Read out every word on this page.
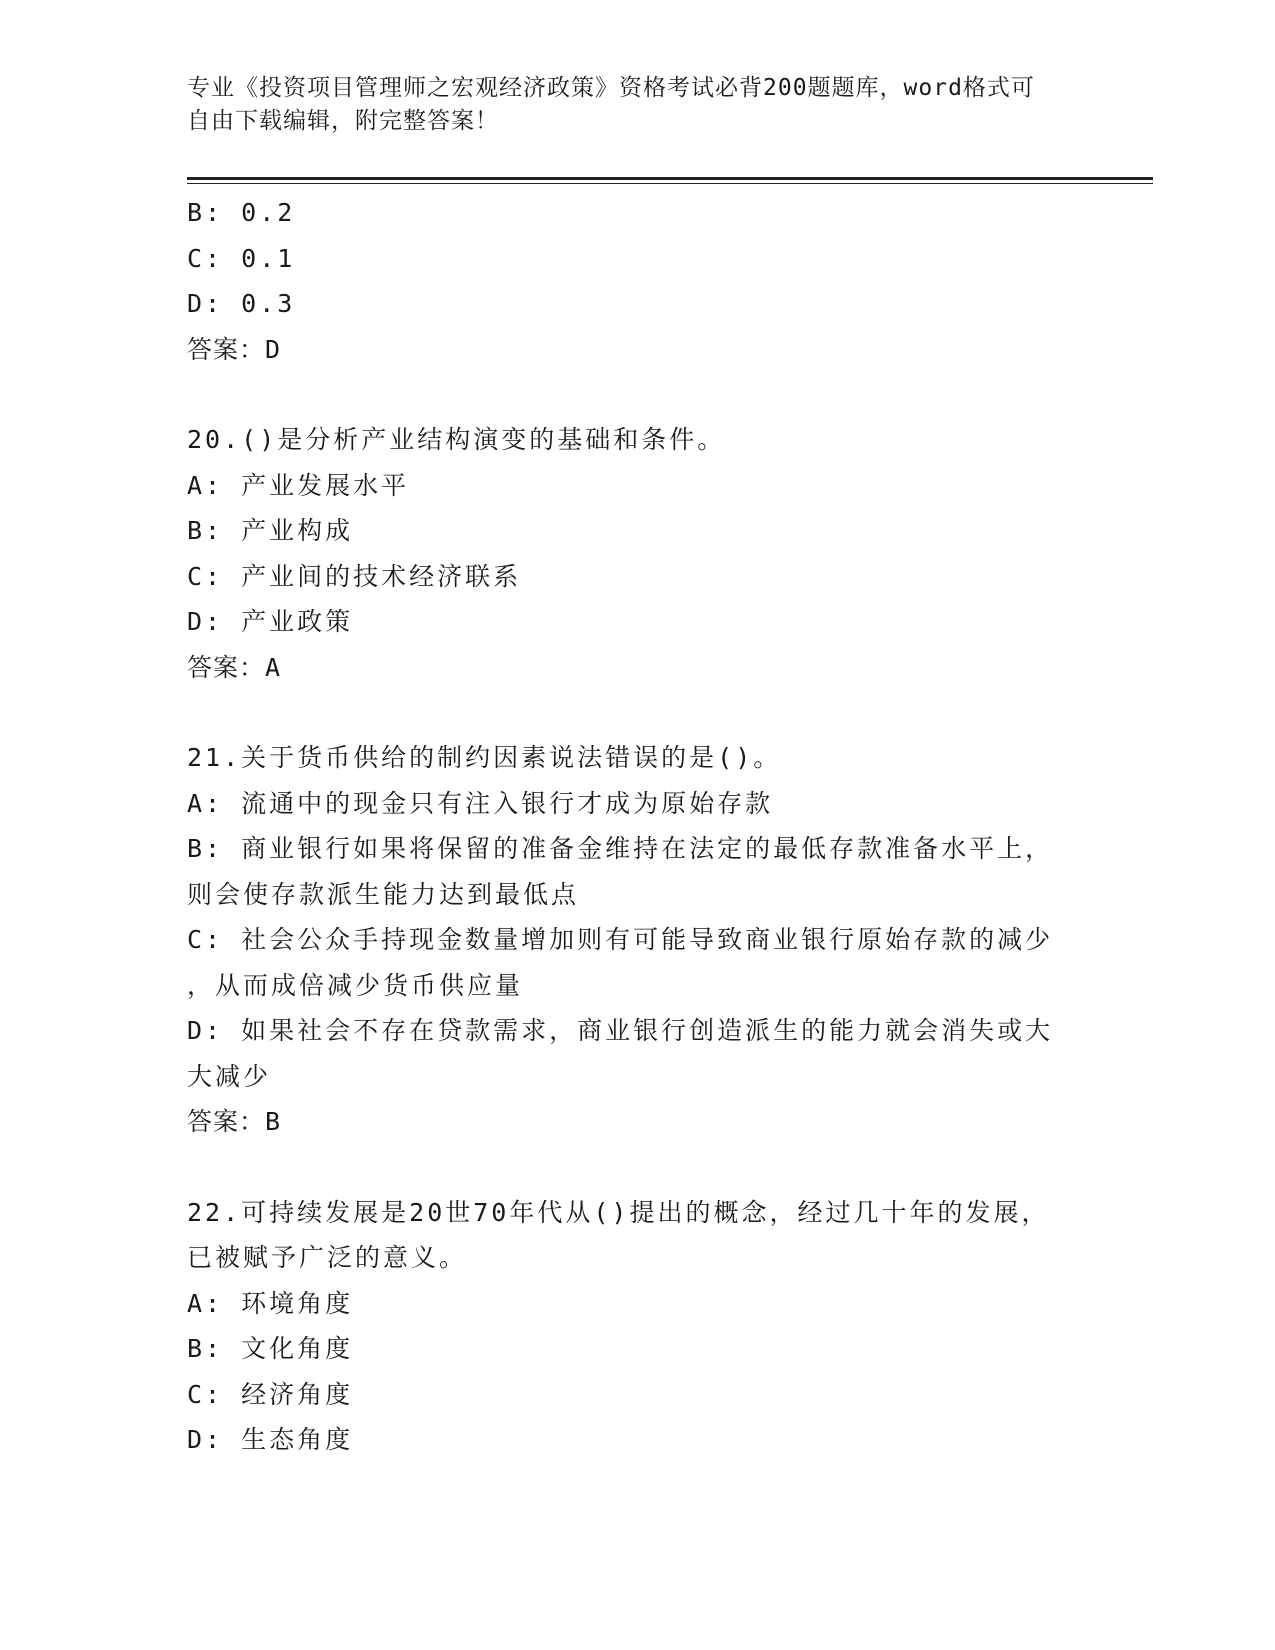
专业《投资项目管理师之宏观经济政策》资格考试必背200题题库，word格式可
自由下载编辑，附完整答案！
B: 0.2
C: 0.1
D: 0.3
答案：D
20.()是分析产业结构演变的基础和条件。
A: 产业发展水平
B: 产业构成
C: 产业间的技术经济联系
D: 产业政策
答案：A
21.关于货币供给的制约因素说法错误的是()。
A: 流通中的现金只有注入银行才成为原始存款
B: 商业银行如果将保留的准备金维持在法定的最低存款准备水平上，
则会使存款派生能力达到最低点
C: 社会公众手持现金数量增加则有可能导致商业银行原始存款的减少
，从而成倍减少货币供应量
D: 如果社会不存在贷款需求，商业银行创造派生的能力就会消失或大
大减少
答案：B
22.可持续发展是20世70年代从()提出的概念，经过几十年的发展，
已被赋予广泛的意义。
A: 环境角度
B: 文化角度
C: 经济角度
D: 生态角度
